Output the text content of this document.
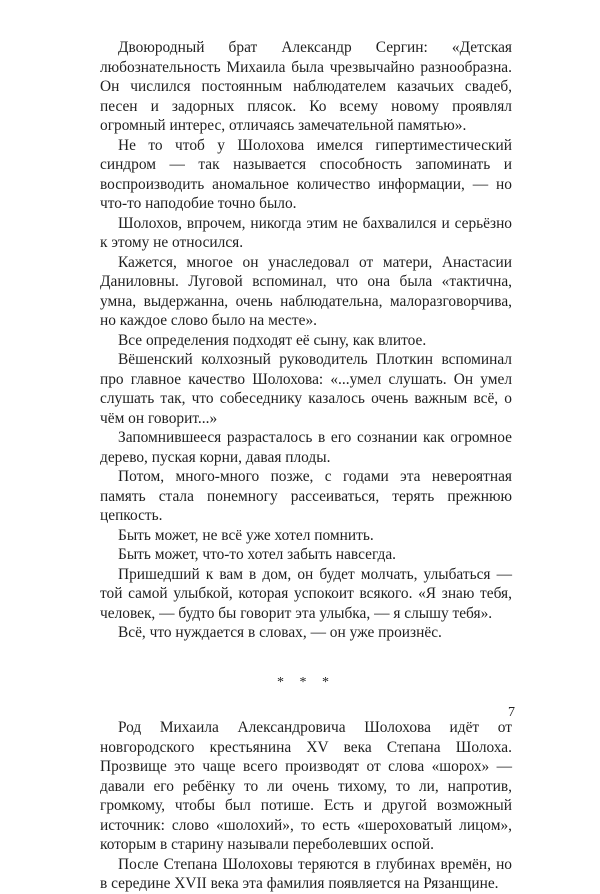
Двоюродный брат Александр Сергин: «Детская любознательность Михаила была чрезвычайно разнообразна. Он числился постоянным наблюдателем казачьих свадеб, песен и задорных плясок. Ко всему новому проявлял огромный интерес, отличаясь замечательной памятью».

Не то чтоб у Шолохова имелся гипертиместический синдром — так называется способность запоминать и воспроизводить аномальное количество информации, — но что-то наподобие точно было.

Шолохов, впрочем, никогда этим не бахвалился и серьёзно к этому не относился.

Кажется, многое он унаследовал от матери, Анастасии Даниловны. Луговой вспоминал, что она была «тактична, умна, выдержанна, очень наблюдательна, малоразговорчива, но каждое слово было на месте».

Все определения подходят её сыну, как влитое.

Вёшенский колхозный руководитель Плоткин вспоминал про главное качество Шолохова: «...умел слушать. Он умел слушать так, что собеседнику казалось очень важным всё, о чём он говорит...»

Запомнившееся разрасталось в его сознании как огромное дерево, пуская корни, давая плоды.

Потом, много-много позже, с годами эта невероятная память стала понемногу рассеиваться, терять прежнюю цепкость.

Быть может, не всё уже хотел помнить.

Быть может, что-то хотел забыть навсегда.

Пришедший к вам в дом, он будет молчать, улыбаться — той самой улыбкой, которая успокоит всякого. «Я знаю тебя, человек, — будто бы говорит эта улыбка, — я слышу тебя».

Всё, что нуждается в словах, — он уже произнёс.

* * *

Род Михаила Александровича Шолохова идёт от новгородского крестьянина XV века Степана Шолоха. Прозвище это чаще всего производят от слова «шорох» — давали его ребёнку то ли очень тихому, то ли, напротив, громкому, чтобы был потише. Есть и другой возможный источник: слово «шолохий», то есть «шероховатый лицом», которым в старину называли переболевших оспой.

После Степана Шолоховы теряются в глубинах времён, но в середине XVII века эта фамилия появляется на Рязанщине.

7
